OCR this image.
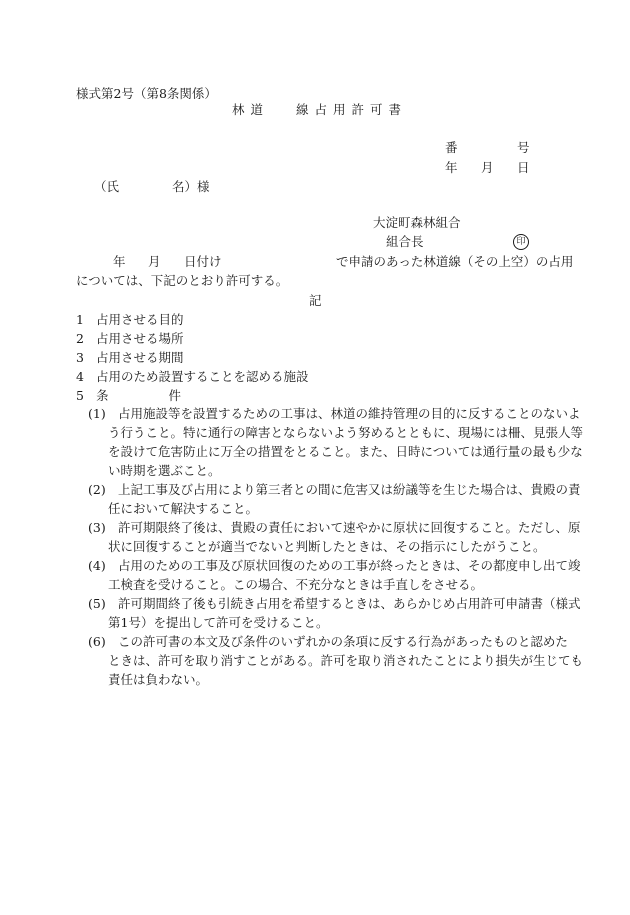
様式第2号（第8条関係）
林道 線占用許可書
番	号
年 月 日
（氏	名）様
大淀町森林組合
組合長	印
年 月 日付け	で申請のあった林道線（その上空）の占用
については、下記のとおり許可する。
記
1 占用させる目的
2 占用させる場所
3 占用させる期間
4 占用のため設置することを認める施設
5 条	件
(1) 占用施設等を設置するための工事は、林道の維持管理の目的に反することのないよ
う行うこと。特に通行の障害とならないよう努めるとともに、現場には柵、見張人等
を設けて危害防止に万全の措置をとること。また、日時については通行量の最も少な
い時期を選ぶこと。
(2) 上記工事及び占用により第三者との間に危害又は紛議等を生じた場合は、貴殿の責
任において解決すること。
(3) 許可期限終了後は、貴殿の責任において速やかに原状に回復すること。ただし、原
状に回復することが適当でないと判断したときは、その指示にしたがうこと。
(4) 占用のための工事及び原状回復のための工事が終ったときは、その都度申し出て竣
工検査を受けること。この場合、不充分なときは手直しをさせる。
(5) 許可期間終了後も引続き占用を希望するときは、あらかじめ占用許可申請書（様式
第1号）を提出して許可を受けること。
(6) この許可書の本文及び条件のいずれかの条項に反する行為があったものと認めた
ときは、許可を取り消すことがある。許可を取り消されたことにより損失が生じても
責任は負わない。
